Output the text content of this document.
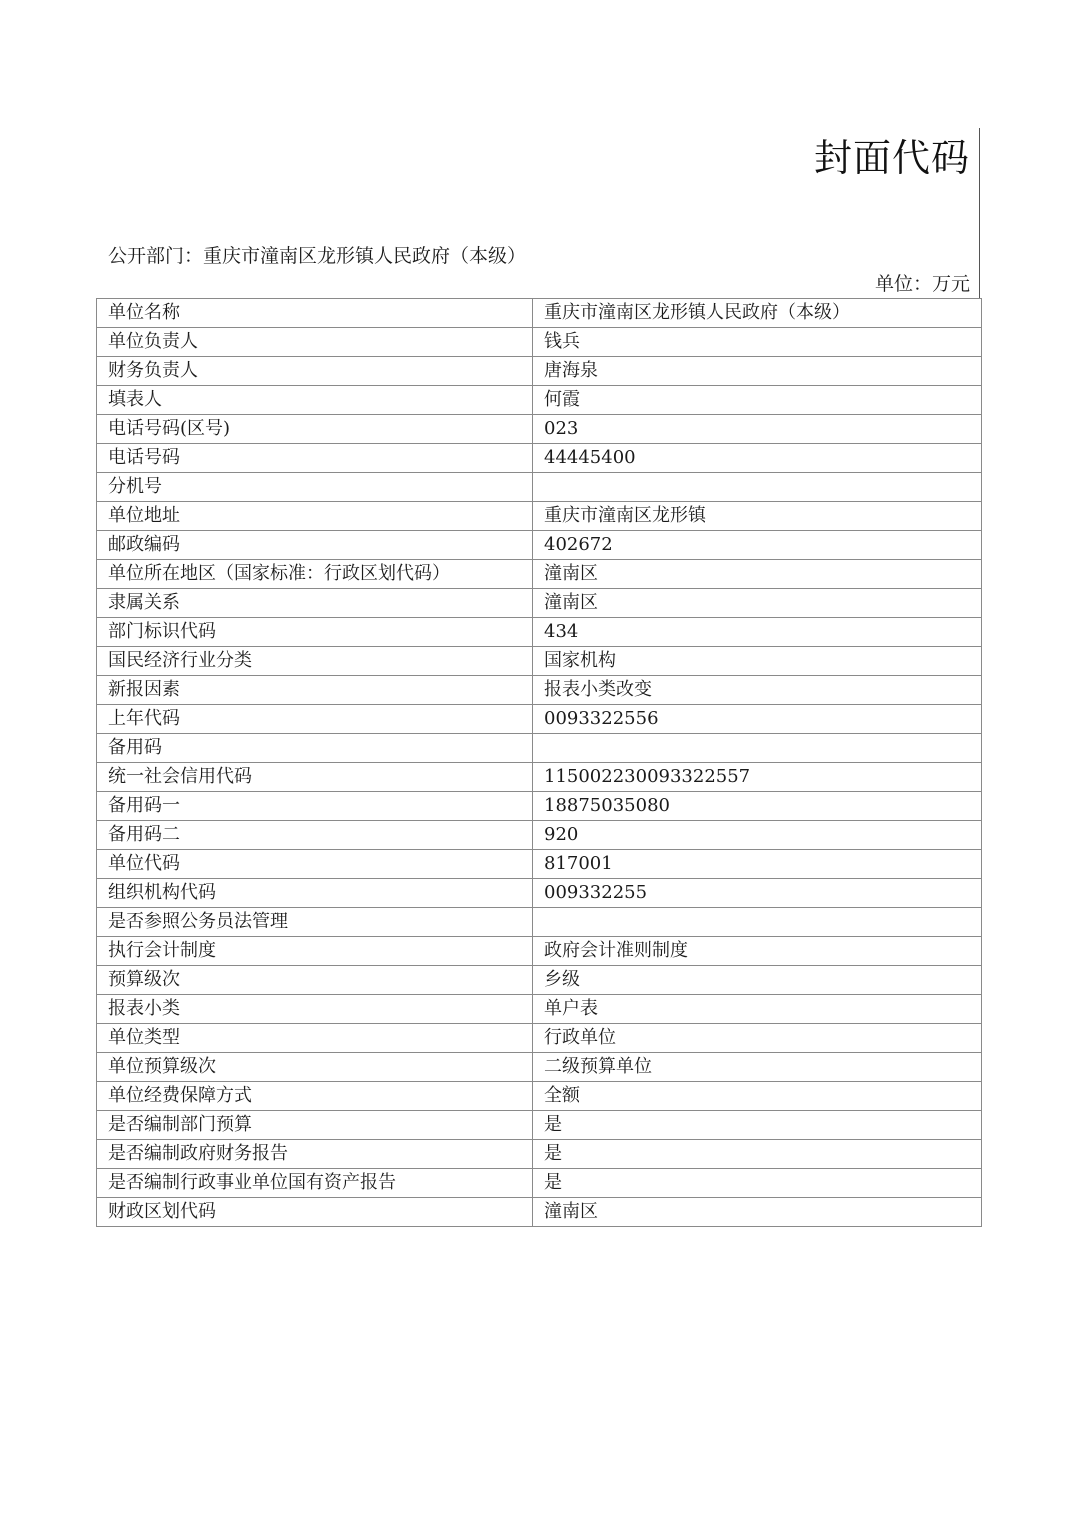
封面代码
公开部门：重庆市潼南区龙形镇人民政府（本级）
单位：万元
单位名称	重庆市潼南区龙形镇人民政府（本级）
单位负责人	钱兵
财务负责人	唐海泉
填表人	何霞
电话号码(区号)	023
电话号码	44445400
分机号	
单位地址	重庆市潼南区龙形镇
邮政编码	402672
单位所在地区（国家标准：行政区划代码）	潼南区
隶属关系	潼南区
部门标识代码	434
国民经济行业分类	国家机构
新报因素	报表小类改变
上年代码	0093322556
备用码	
统一社会信用代码	115002230093322557
备用码一	18875035080
备用码二	920
单位代码	817001
组织机构代码	009332255
是否参照公务员法管理	
执行会计制度	政府会计准则制度
预算级次	乡级
报表小类	单户表
单位类型	行政单位
单位预算级次	二级预算单位
单位经费保障方式	全额
是否编制部门预算	是
是否编制政府财务报告	是
是否编制行政事业单位国有资产报告	是
财政区划代码	潼南区
